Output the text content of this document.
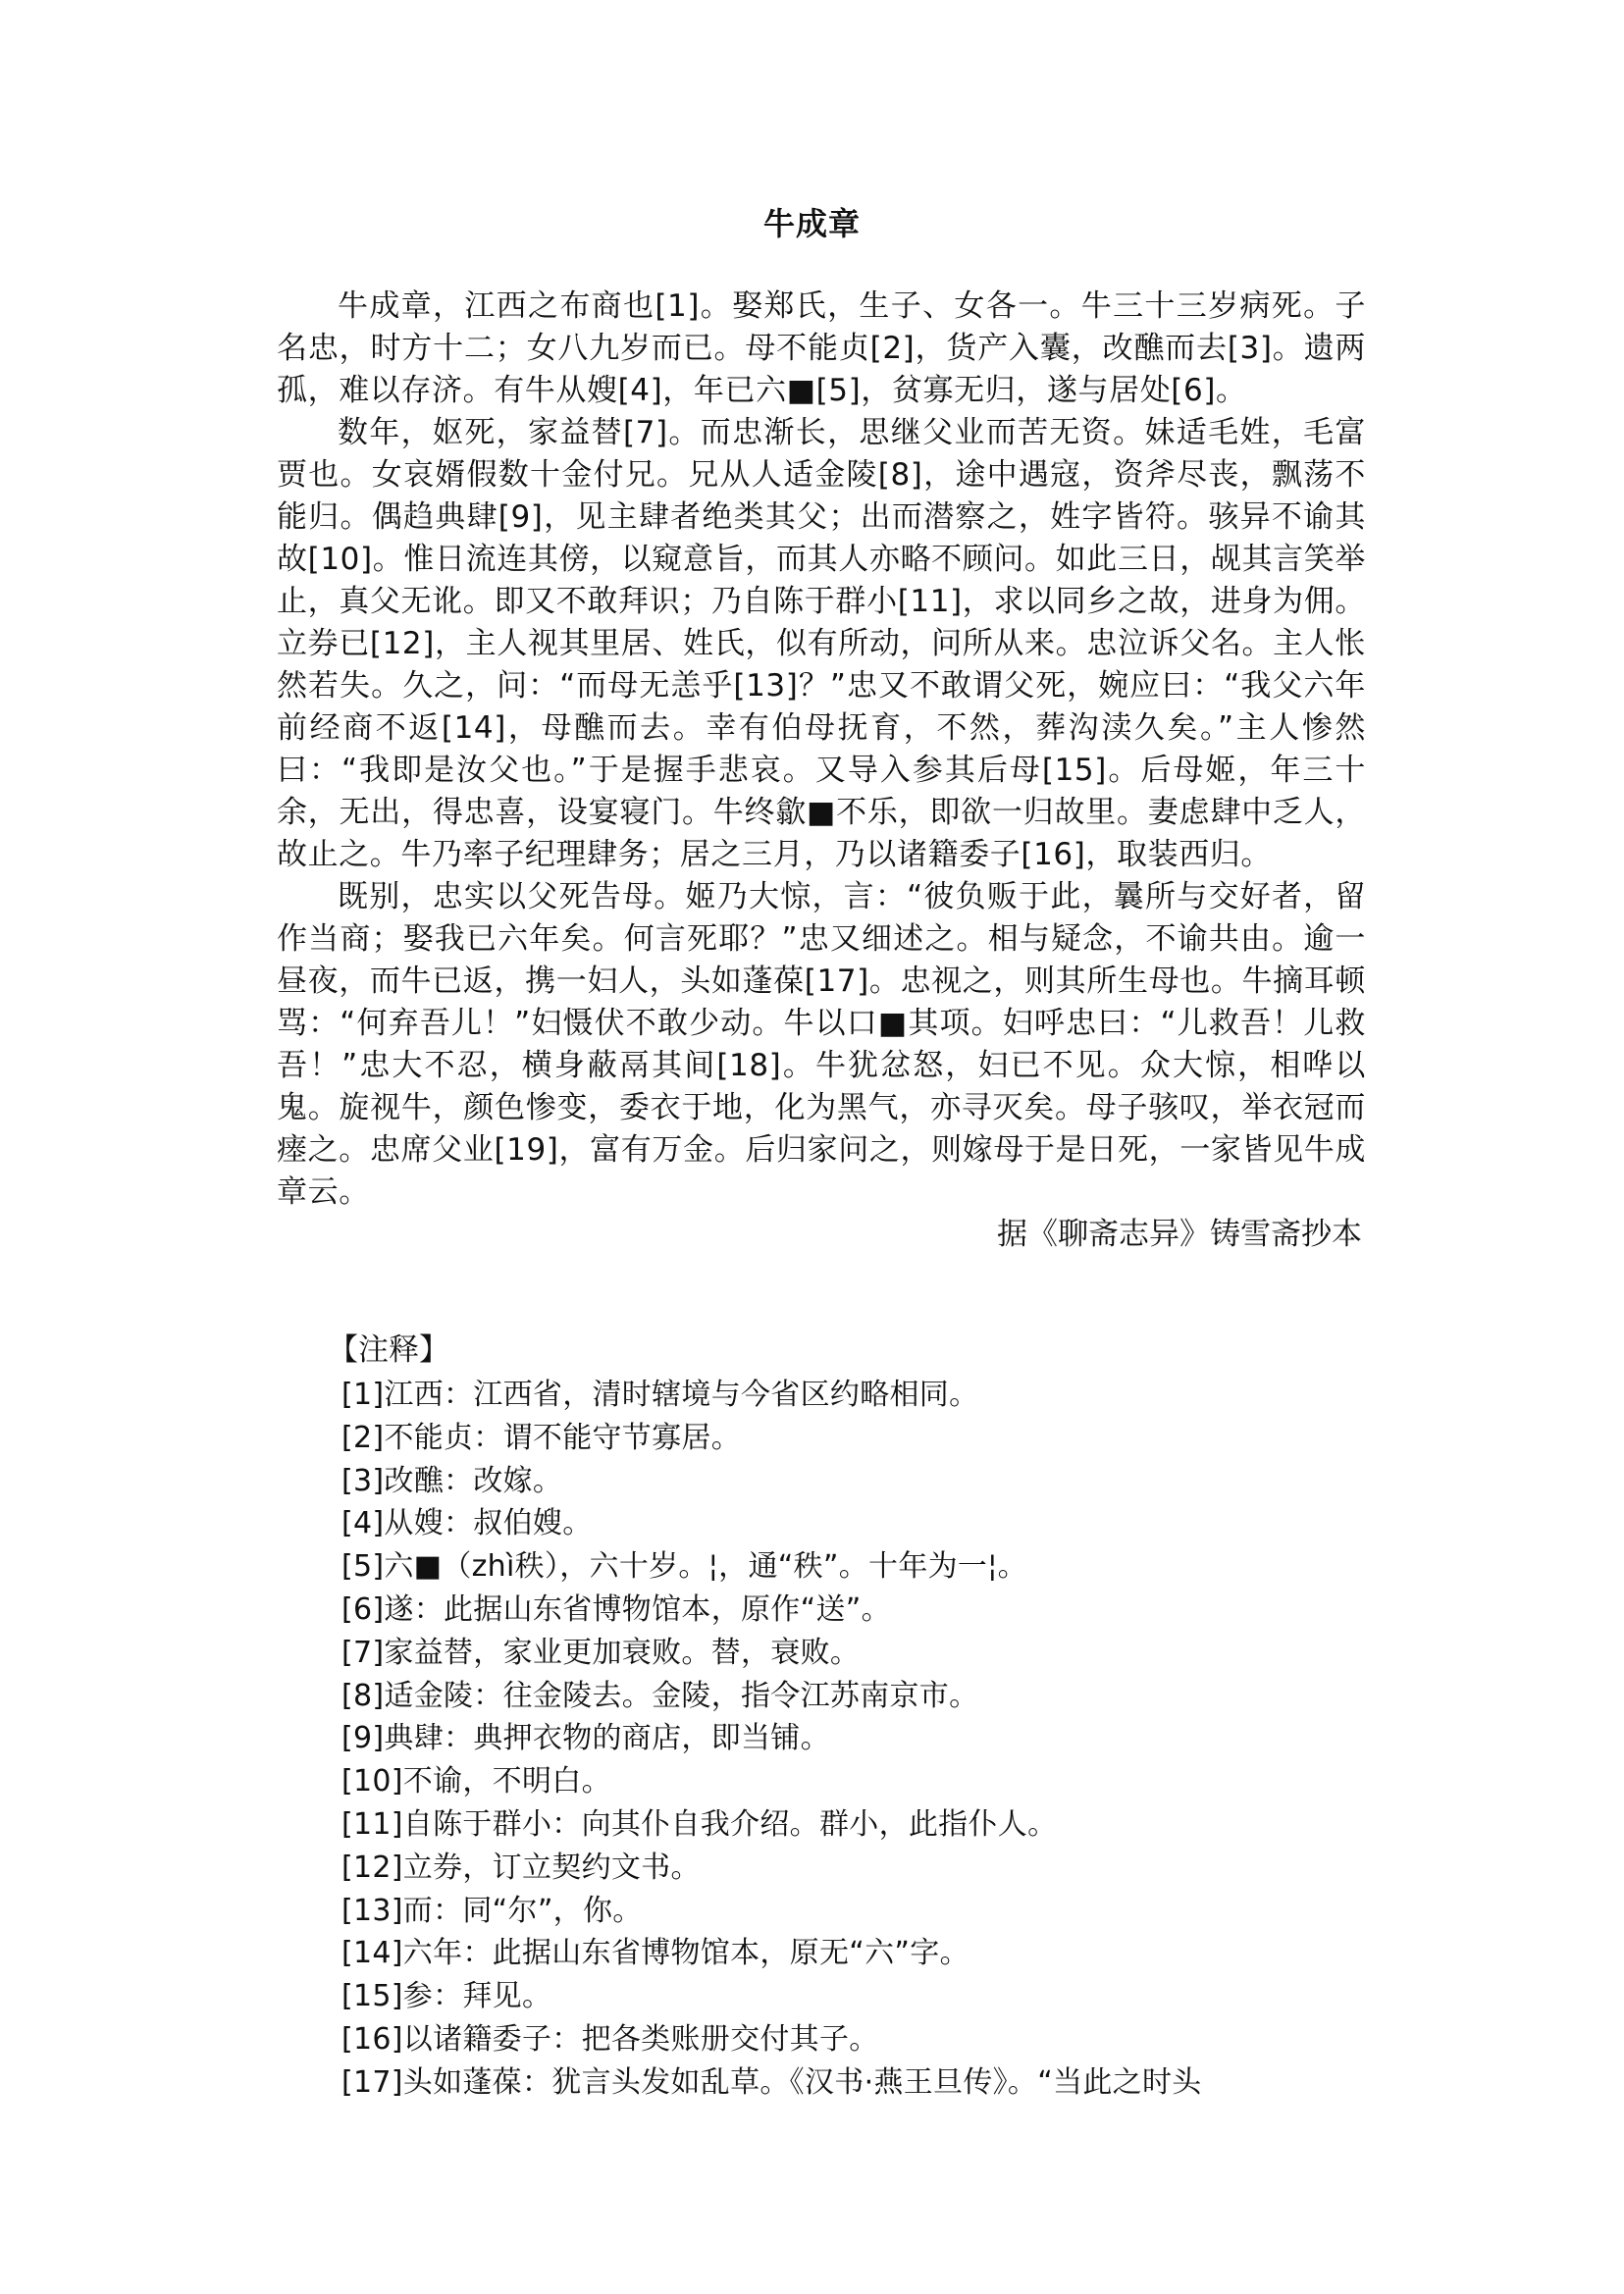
牛成章

牛成章，江西之布商也[1]。娶郑氏，生子、女各一。牛三十三岁病死。子名忠，时方十二；女八九岁而已。母不能贞[2]，货产入囊，改醮而去[3]。遗两孤，难以存济。有牛从嫂[4]，年已六■[5]，贫寡无归，遂与居处[6]。

数年，妪死，家益替[7]。而忠渐长，思继父业而苦无资。妹适毛姓，毛富贾也。女哀婿假数十金付兄。兄从人适金陵[8]，途中遇寇，资斧尽丧，飘荡不能归。偶趋典肆[9]，见主肆者绝类其父；出而潜察之，姓字皆符。骇异不谕其故[10]。惟日流连其傍，以窥意旨，而其人亦略不顾问。如此三日，觇其言笑举止，真父无讹。即又不敢拜识；乃自陈于群小[11]，求以同乡之故，进身为佣。立券已[12]，主人视其里居、姓氏，似有所动，问所从来。忠泣诉父名。主人怅然若失。久之，问：“而母无恙乎[13]？”忠又不敢谓父死，婉应曰：“我父六年前经商不返[14]，母醮而去。幸有伯母抚育，不然，葬沟渎久矣。”主人惨然曰：“我即是汝父也。”于是握手悲哀。又导入参其后母[15]。后母姬，年三十余，无出，得忠喜，设宴寝门。牛终歙■不乐，即欲一归故里。妻虑肆中乏人，故止之。牛乃率子纪理肆务；居之三月，乃以诸籍委子[16]，取装西归。

既别，忠实以父死告母。姬乃大惊，言：“彼负贩于此，曩所与交好者，留作当商；娶我已六年矣。何言死耶？”忠又细述之。相与疑念，不谕共由。逾一昼夜，而牛已返，携一妇人，头如蓬葆[17]。忠视之，则其所生母也。牛摘耳顿骂：“何弃吾儿！”妇慑伏不敢少动。牛以口■其项。妇呼忠曰：“儿救吾！儿救吾！”忠大不忍，横身蔽鬲其间[18]。牛犹忿怒，妇已不见。众大惊，相哗以鬼。旋视牛，颜色惨变，委衣于地，化为黑气，亦寻灭矣。母子骇叹，举衣冠而瘗之。忠席父业[19]，富有万金。后归家问之，则嫁母于是日死，一家皆见牛成章云。

据《聊斋志异》铸雪斋抄本

【注释】

[1]江西：江西省，清时辖境与今省区约略相同。

[2]不能贞：谓不能守节寡居。

[3]改醮：改嫁。

[4]从嫂：叔伯嫂。

[5]六■（zhì秩），六十岁。¦，通“秩”。十年为一¦。

[6]遂：此据山东省博物馆本，原作“送”。

[7]家益替，家业更加衰败。替，衰败。

[8]适金陵：往金陵去。金陵，指令江苏南京市。

[9]典肆：典押衣物的商店，即当铺。

[10]不谕，不明白。

[11]自陈于群小：向其仆自我介绍。群小，此指仆人。

[12]立券，订立契约文书。

[13]而：同“尔”，你。

[14]六年：此据山东省博物馆本，原无“六”字。

[15]参：拜见。

[16]以诸籍委子：把各类账册交付其子。

[17]头如蓬葆：犹言头发如乱草。《汉书·燕王旦传》。“当此之时头
